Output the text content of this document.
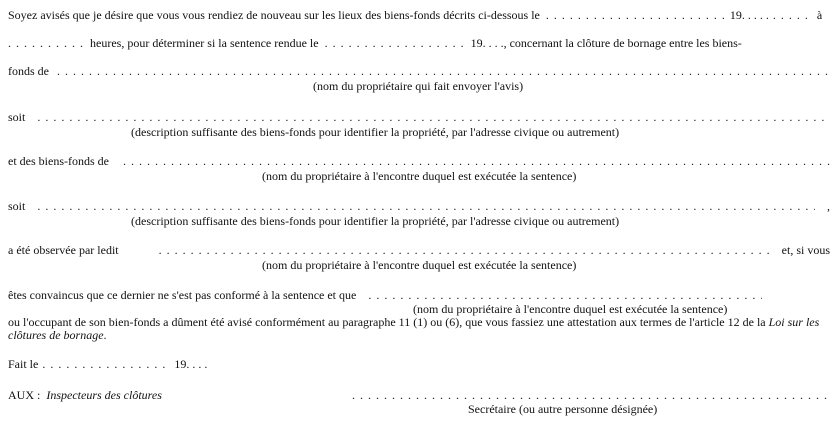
Soyez avisés que je désire que vous vous rendiez de nouveau sur les lieux des biens-fonds décrits ci-dessous le . . .	19. . . . . . . .	à
. . .
heures, pour déterminer si la sentence rendue le . . .	19. . . . , concernant la clôture de bornage entre les biens-
fonds de
. . .
(nom du propriétaire qui fait envoyer l'avis)
soit
. . .
(description suffisante des biens-fonds pour identifier la propriété, par l'adresse civique ou autrement)
et des biens-fonds de
. . .
(nom du propriétaire à l'encontre duquel est exécutée la sentence)
soit . . .	,
(description suffisante des biens-fonds pour identifier la propriété, par l'adresse civique ou autrement)
a été observée par ledit . . .	et, si vous
(nom du propriétaire à l'encontre duquel est exécutée la sentence)
êtes convaincus que ce dernier ne s'est pas conformé à la sentence et que
. . .
(nom du propriétaire à l'encontre duquel est exécutée la sentence)
ou l'occupant de son bien-fonds a dûment été avisé conformément au paragraphe 11 (1) ou (6), que vous fassiez une attestation aux termes de l'article 12 de la Loi sur les clôtures de bornage.
Fait le . . .	19. . . .
AUX : Inspecteurs des clôtures
. . .
Secrétaire (ou autre personne désignée)
